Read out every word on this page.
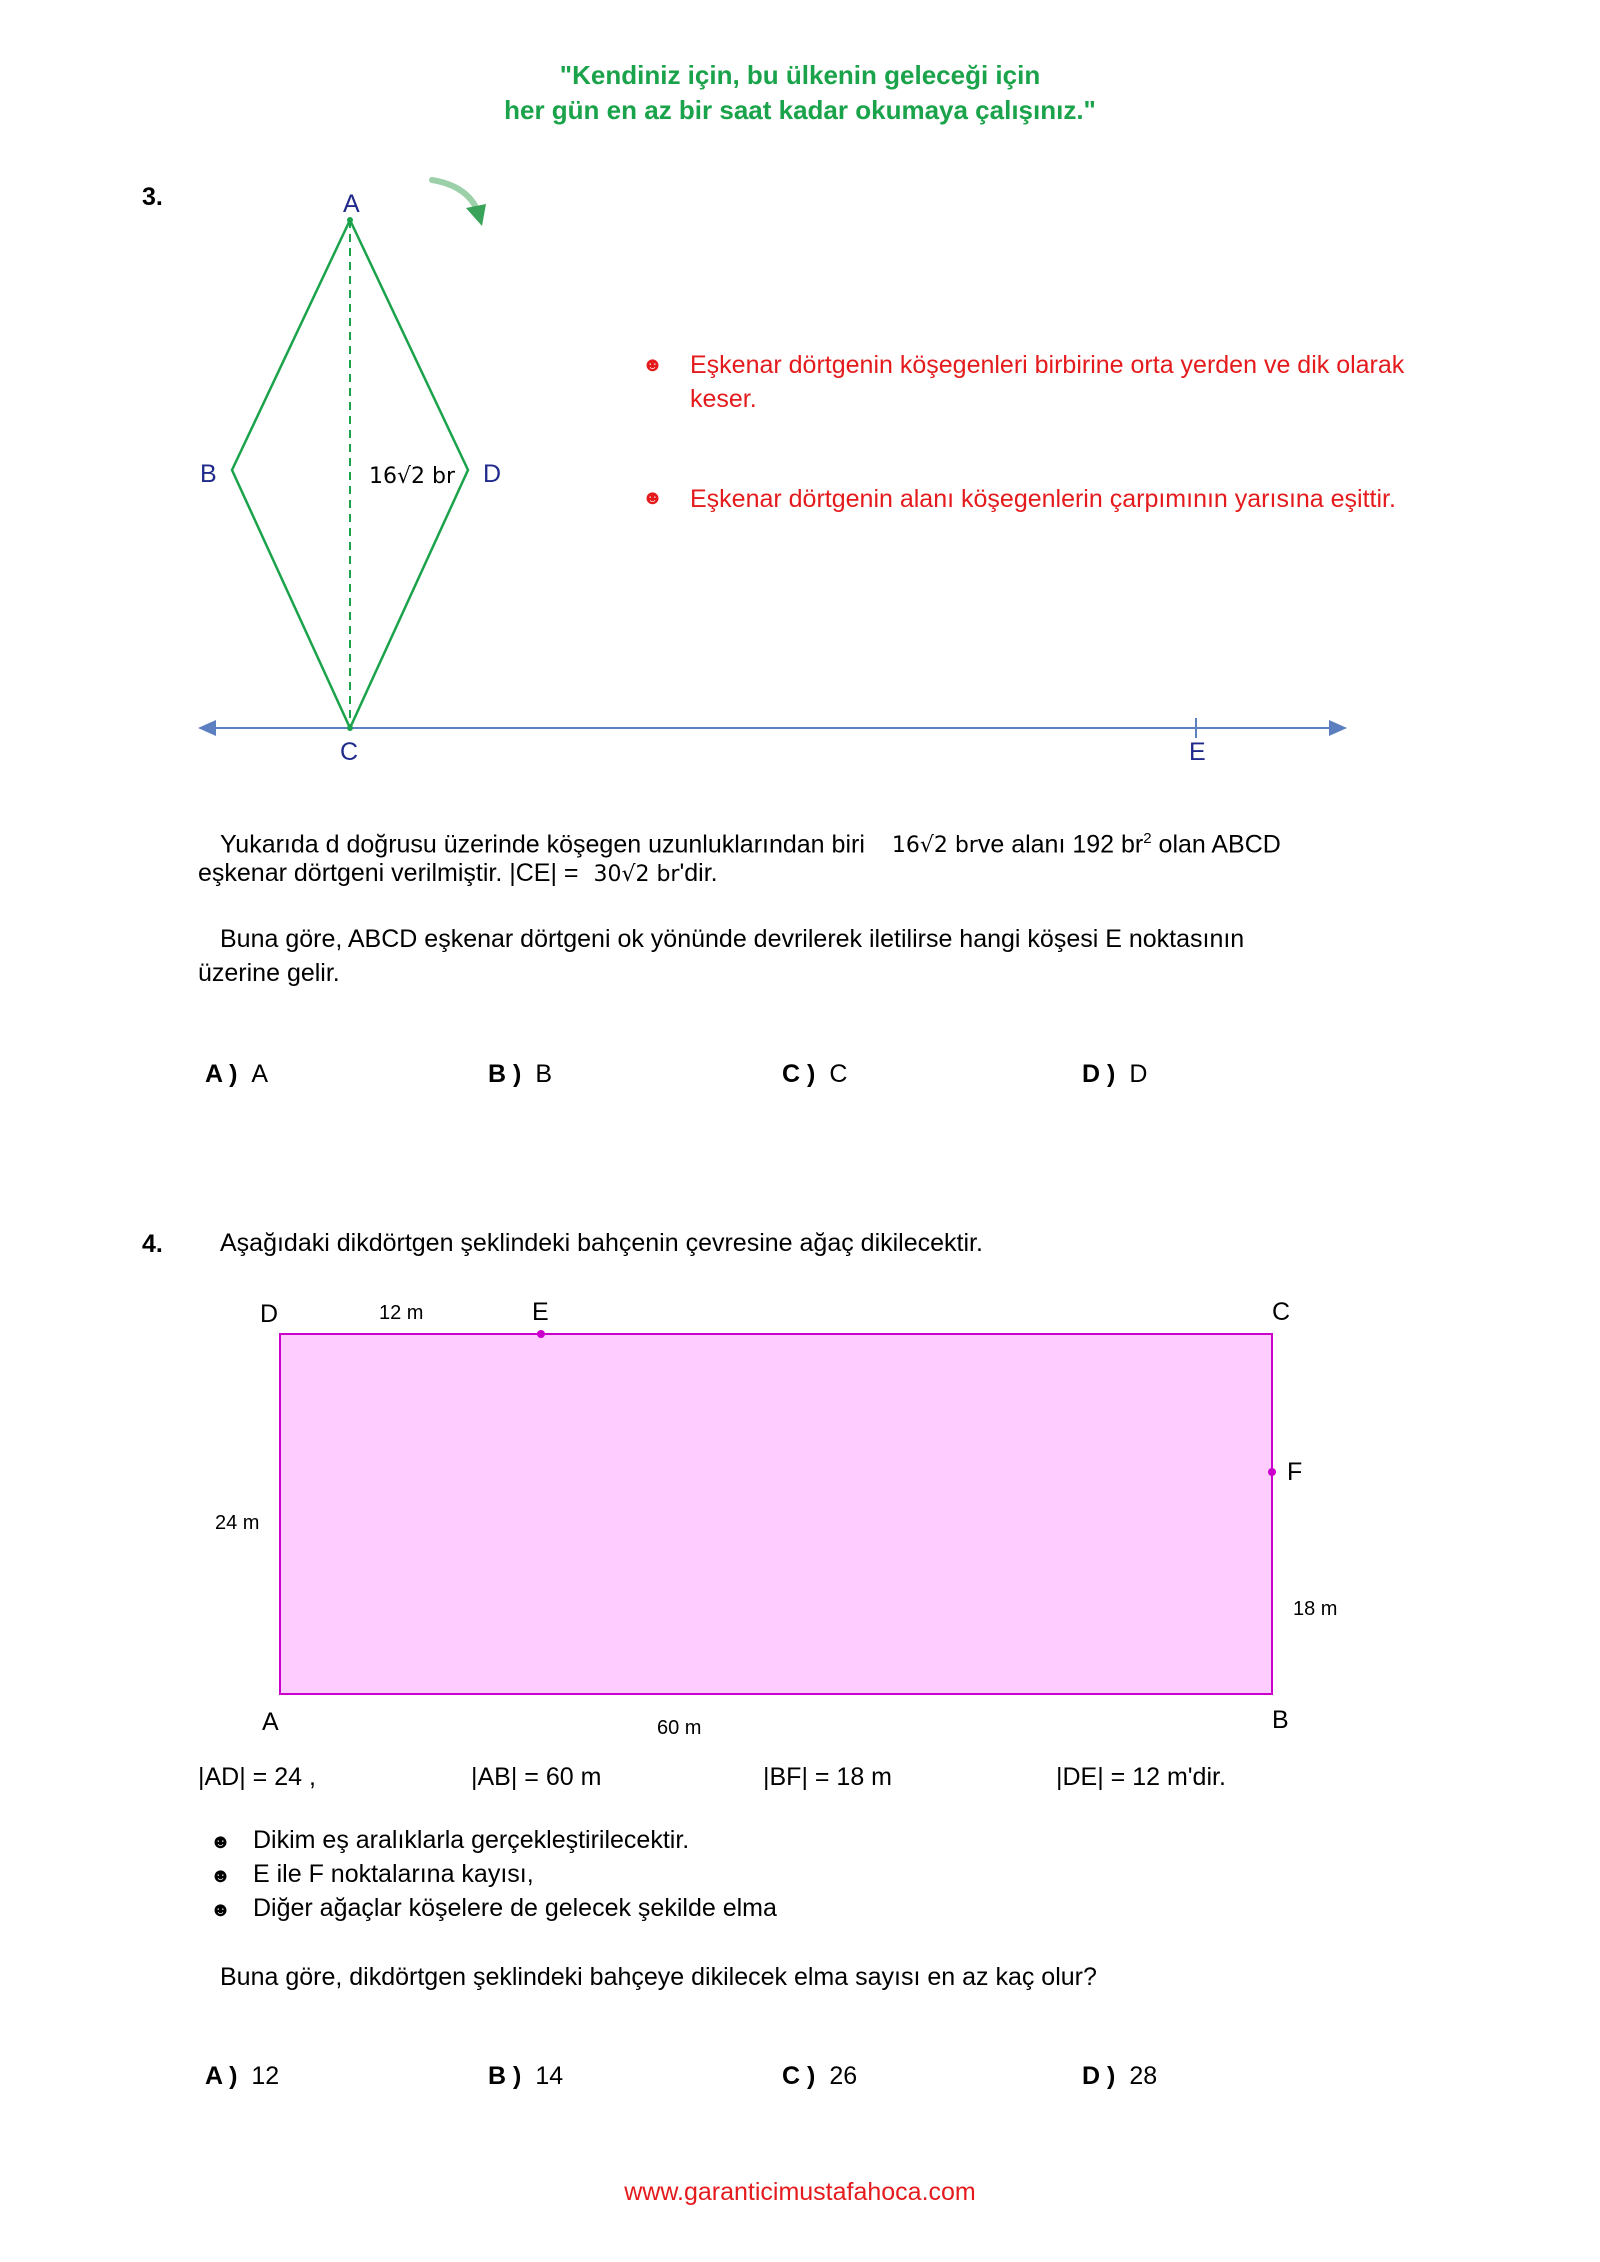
"Kendiniz için, bu ülkenin geleceği için
her gün en az bir saat kadar okumaya çalışınız."
3.	A
B	D
C	E
16√2 br
☻ Eşkenar dörtgenin köşegenleri birbirine orta yerden ve dik olarak keser.
☻ Eşkenar dörtgenin alanı köşegenlerin çarpımının yarısına eşittir.
Yukarıda d doğrusu üzerinde köşegen uzunluklarından biri 16√2 brve alanı 192 $br^2$ olan ABCD
eşkenar dörtgeni verilmiştir. |CE| = 30√2 br'dir.
Buna göre, ABCD eşkenar dörtgeni ok yönünde devrilerek iletilirse hangi köşesi E noktasının
üzerine gelir.
A ) A	B ) B	C ) C	D ) D
4. Aşağıdaki dikdörtgen şeklindeki bahçenin çevresine ağaç dikilecektir.
D	12 m	E	C
F
24 m
18 m
A	60 m	B
|AD| = 24 ,	|AB| = 60 m	|BF| = 18 m	|DE| = 12 m'dir.
☻ Dikim eş aralıklarla gerçekleştirilecektir.
☻ E ile F noktalarına kayısı,
☻ Diğer ağaçlar köşelere de gelecek şekilde elma
Buna göre, dikdörtgen şeklindeki bahçeye dikilecek elma sayısı en az kaç olur?
A ) 12	B ) 14	C ) 26	D ) 28
www.garanticimustafahoca.com
